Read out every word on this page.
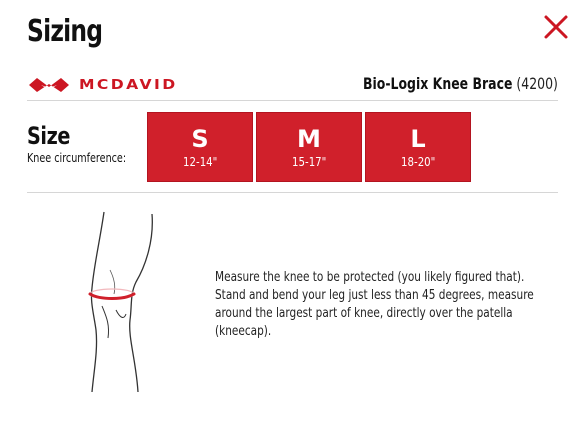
Sizing
MCDAVID	Bio-Logix Knee Brace (4200)
Size
Knee circumference:
S
12-14"
M
15-17"
L
18-20"
Measure the knee to be protected (you likely figured that). Stand and bend your leg just less than 45 degrees, measure around the largest part of knee, directly over the patella (kneecap).
